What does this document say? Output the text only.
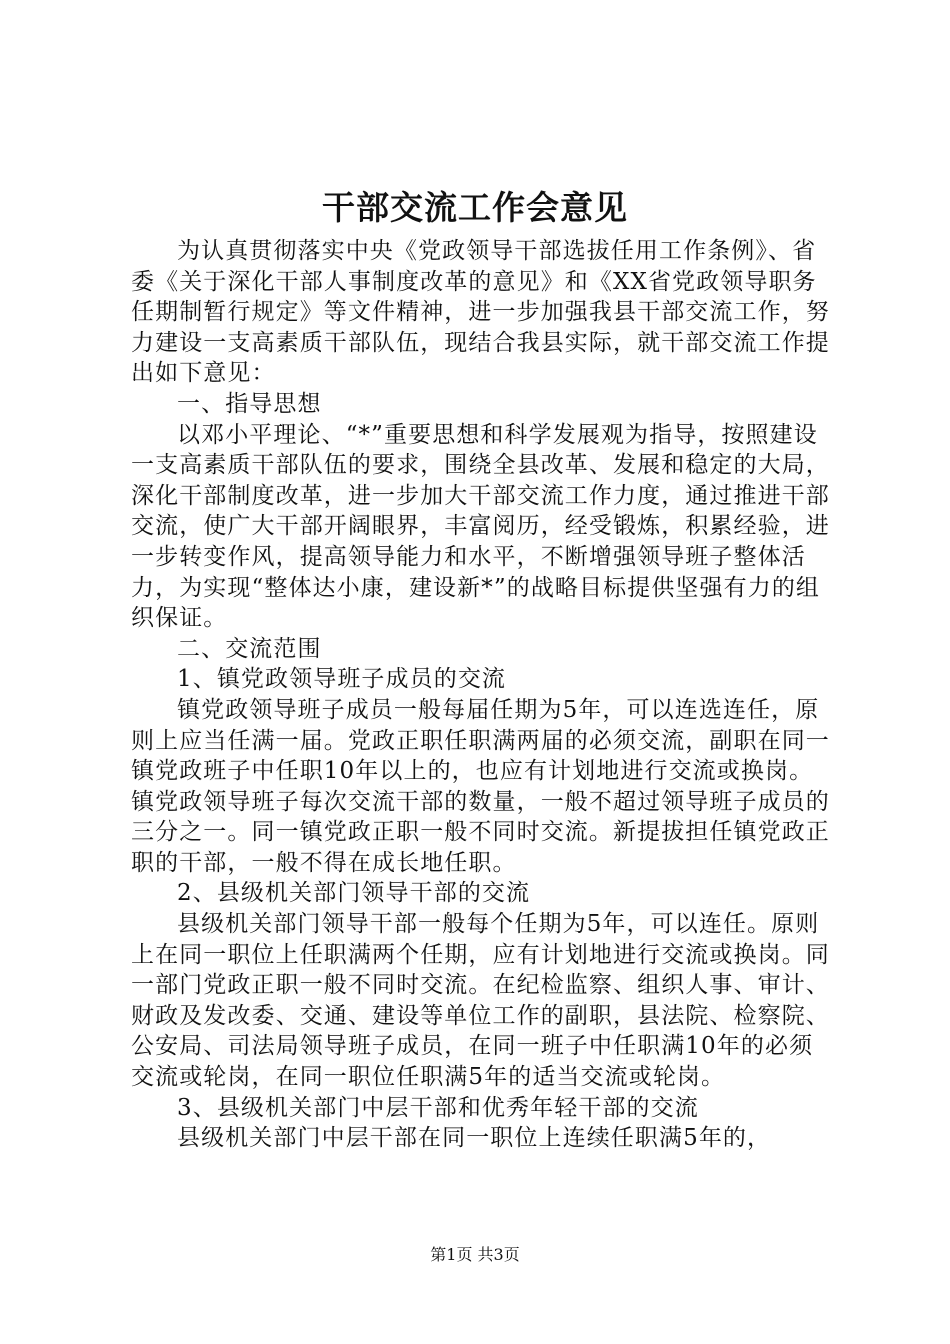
干部交流工作会意见

为认真贯彻落实中央《党政领导干部选拔任用工作条例》、省委《关于深化干部人事制度改革的意见》和《XX省党政领导职务任期制暂行规定》等文件精神，进一步加强我县干部交流工作，努力建设一支高素质干部队伍，现结合我县实际，就干部交流工作提出如下意见：

一、指导思想

以邓小平理论、“*”重要思想和科学发展观为指导，按照建设一支高素质干部队伍的要求，围绕全县改革、发展和稳定的大局，深化干部制度改革，进一步加大干部交流工作力度，通过推进干部交流，使广大干部开阔眼界，丰富阅历，经受锻炼，积累经验，进一步转变作风，提高领导能力和水平，不断增强领导班子整体活力，为实现“整体达小康，建设新*”的战略目标提供坚强有力的组织保证。

二、交流范围

1、镇党政领导班子成员的交流

镇党政领导班子成员一般每届任期为5年，可以连选连任，原则上应当任满一届。党政正职任职满两届的必须交流，副职在同一镇党政班子中任职10年以上的，也应有计划地进行交流或换岗。镇党政领导班子每次交流干部的数量，一般不超过领导班子成员的三分之一。同一镇党政正职一般不同时交流。新提拔担任镇党政正职的干部，一般不得在成长地任职。

2、县级机关部门领导干部的交流

县级机关部门领导干部一般每个任期为5年，可以连任。原则上在同一职位上任职满两个任期，应有计划地进行交流或换岗。同一部门党政正职一般不同时交流。在纪检监察、组织人事、审计、财政及发改委、交通、建设等单位工作的副职，县法院、检察院、公安局、司法局领导班子成员，在同一班子中任职满10年的必须交流或轮岗，在同一职位任职满5年的适当交流或轮岗。

3、县级机关部门中层干部和优秀年轻干部的交流

县级机关部门中层干部在同一职位上连续任职满5年的，

第1页 共3页
